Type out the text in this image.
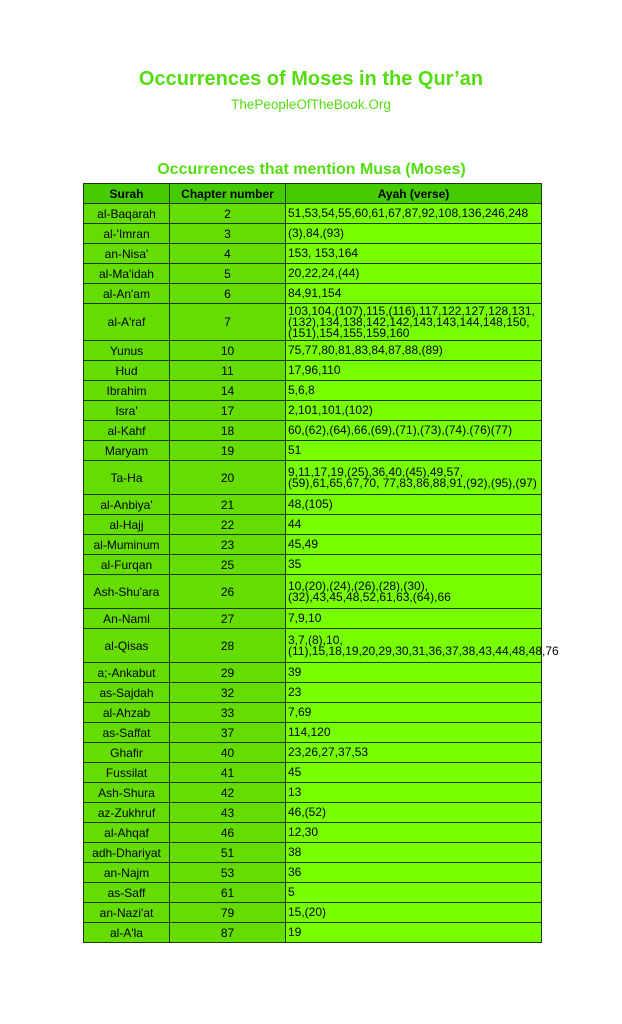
Occurrences of Moses in the Qur’an
ThePeopleOfTheBook.Org
Occurrences that mention Musa (Moses)
Surah	Chapter number	Ayah (verse)
al-Baqarah	2	51,53,54,55,60,61,67,87,92,108,136,246,248
al-'Imran	3	(3),84,(93)
an-Nisa'	4	153, 153,164
al-Ma'idah	5	20,22,24,(44)
al-An'am	6	84,91,154
al-A'raf	7	103,104,(107),115,(116),117,122,127,128,131,(132),134,138,142,142,143,143,144,148,150,(151),154,155,159,160
Yunus	10	75,77,80,81,83,84,87,88,(89)
Hud	11	17,96,110
Ibrahim	14	5,6,8
Isra'	17	2,101,101,(102)
al-Kahf	18	60,(62),(64),66,(69),(71),(73),(74).(76)(77)
Maryam	19	51
Ta-Ha	20	9,11,17,19,(25),36,40,(45),49,57,(59),61,65,67,70, 77,83,86,88,91,(92),(95),(97)
al-Anbiya'	21	48,(105)
al-Hajj	22	44
al-Muminum	23	45,49
al-Furqan	25	35
Ash-Shu'ara	26	10,(20),(24),(26),(28),(30),(32),43,45,48,52,61,63,(64),66
An-Naml	27	7,9,10
al-Qisas	28	3,7,(8),10,(11),15,18,19,20,29,30,31,36,37,38,43,44,48,48,76
a;-Ankabut	29	39
as-Sajdah	32	23
al-Ahzab	33	7,69
as-Saffat	37	114,120
Ghafir	40	23,26,27,37,53
Fussilat	41	45
Ash-Shura	42	13
az-Zukhruf	43	46,(52)
al-Ahqaf	46	12,30
adh-Dhariyat	51	38
an-Najm	53	36
as-Saff	61	5
an-Nazi'at	79	15,(20)
al-A'la	87	19
